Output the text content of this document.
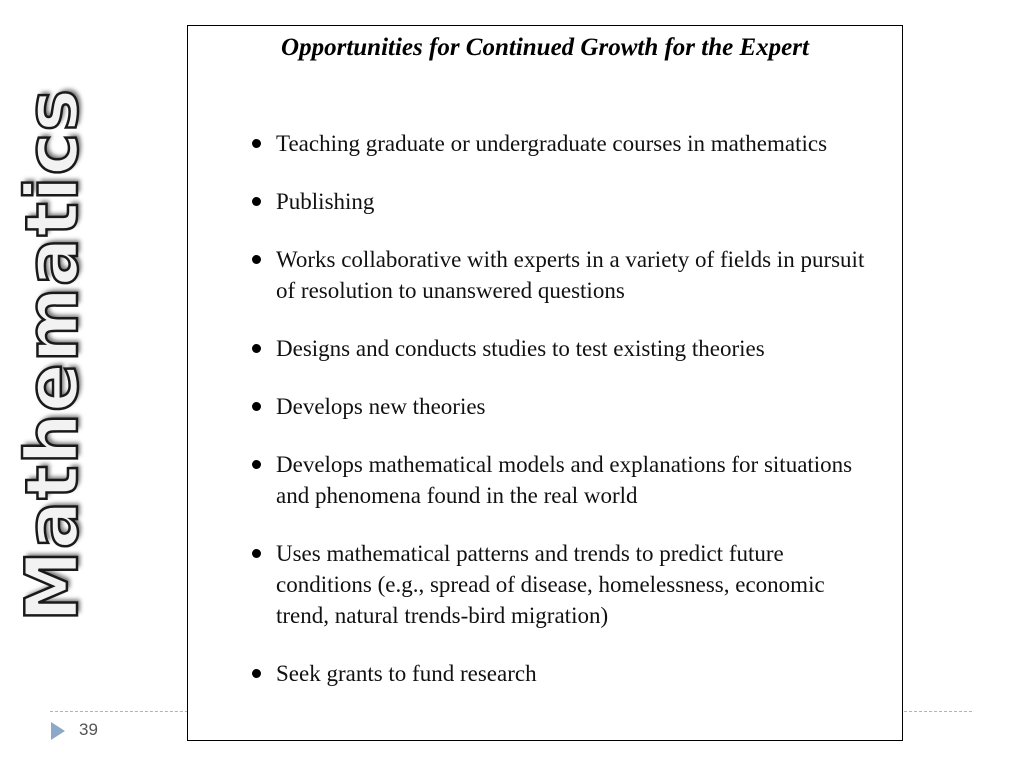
Mathematics
39
Opportunities for Continued Growth for the Expert
Teaching graduate or undergraduate courses in mathematics
Publishing
Works collaborative with experts in a variety of fields in pursuit of resolution to unanswered questions
Designs and conducts studies to test existing theories
Develops new theories
Develops mathematical models and explanations for situations and phenomena found in the real world
Uses mathematical patterns and trends to predict future conditions (e.g., spread of disease, homelessness, economic trend, natural trends-bird migration)
Seek grants to fund research
